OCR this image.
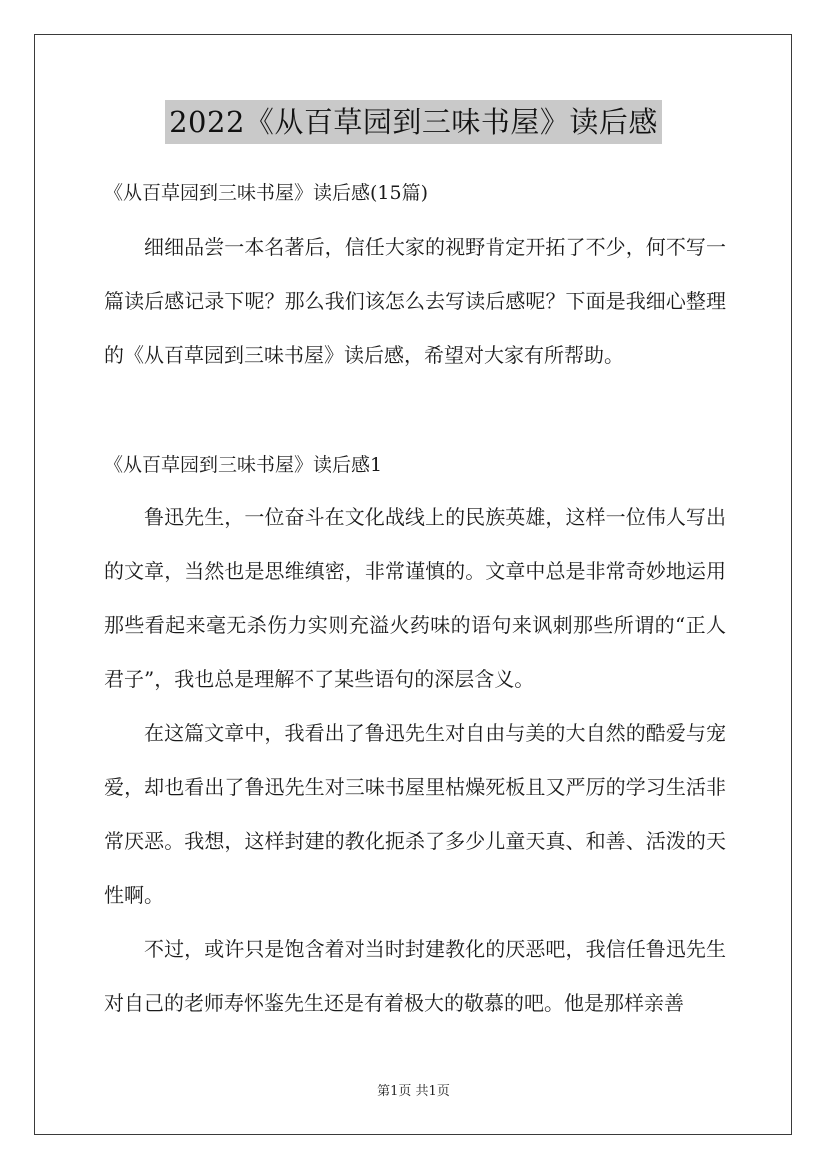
2022《从百草园到三味书屋》读后感
《从百草园到三味书屋》读后感(15篇)

细细品尝一本名著后，信任大家的视野肯定开拓了不少，何不写一篇读后感记录下呢？那么我们该怎么去写读后感呢？下面是我细心整理的《从百草园到三味书屋》读后感，希望对大家有所帮助。

《从百草园到三味书屋》读后感1

鲁迅先生，一位奋斗在文化战线上的民族英雄，这样一位伟人写出的文章，当然也是思维缜密，非常谨慎的。文章中总是非常奇妙地运用那些看起来毫无杀伤力实则充溢火药味的语句来讽刺那些所谓的“正人君子”，我也总是理解不了某些语句的深层含义。

在这篇文章中，我看出了鲁迅先生对自由与美的大自然的酷爱与宠爱，却也看出了鲁迅先生对三味书屋里枯燥死板且又严厉的学习生活非常厌恶。我想，这样封建的教化扼杀了多少儿童天真、和善、活泼的天性啊。

不过，或许只是饱含着对当时封建教化的厌恶吧，我信任鲁迅先生对自己的老师寿怀鉴先生还是有着极大的敬慕的吧。他是那样亲善

第1页 共1页
